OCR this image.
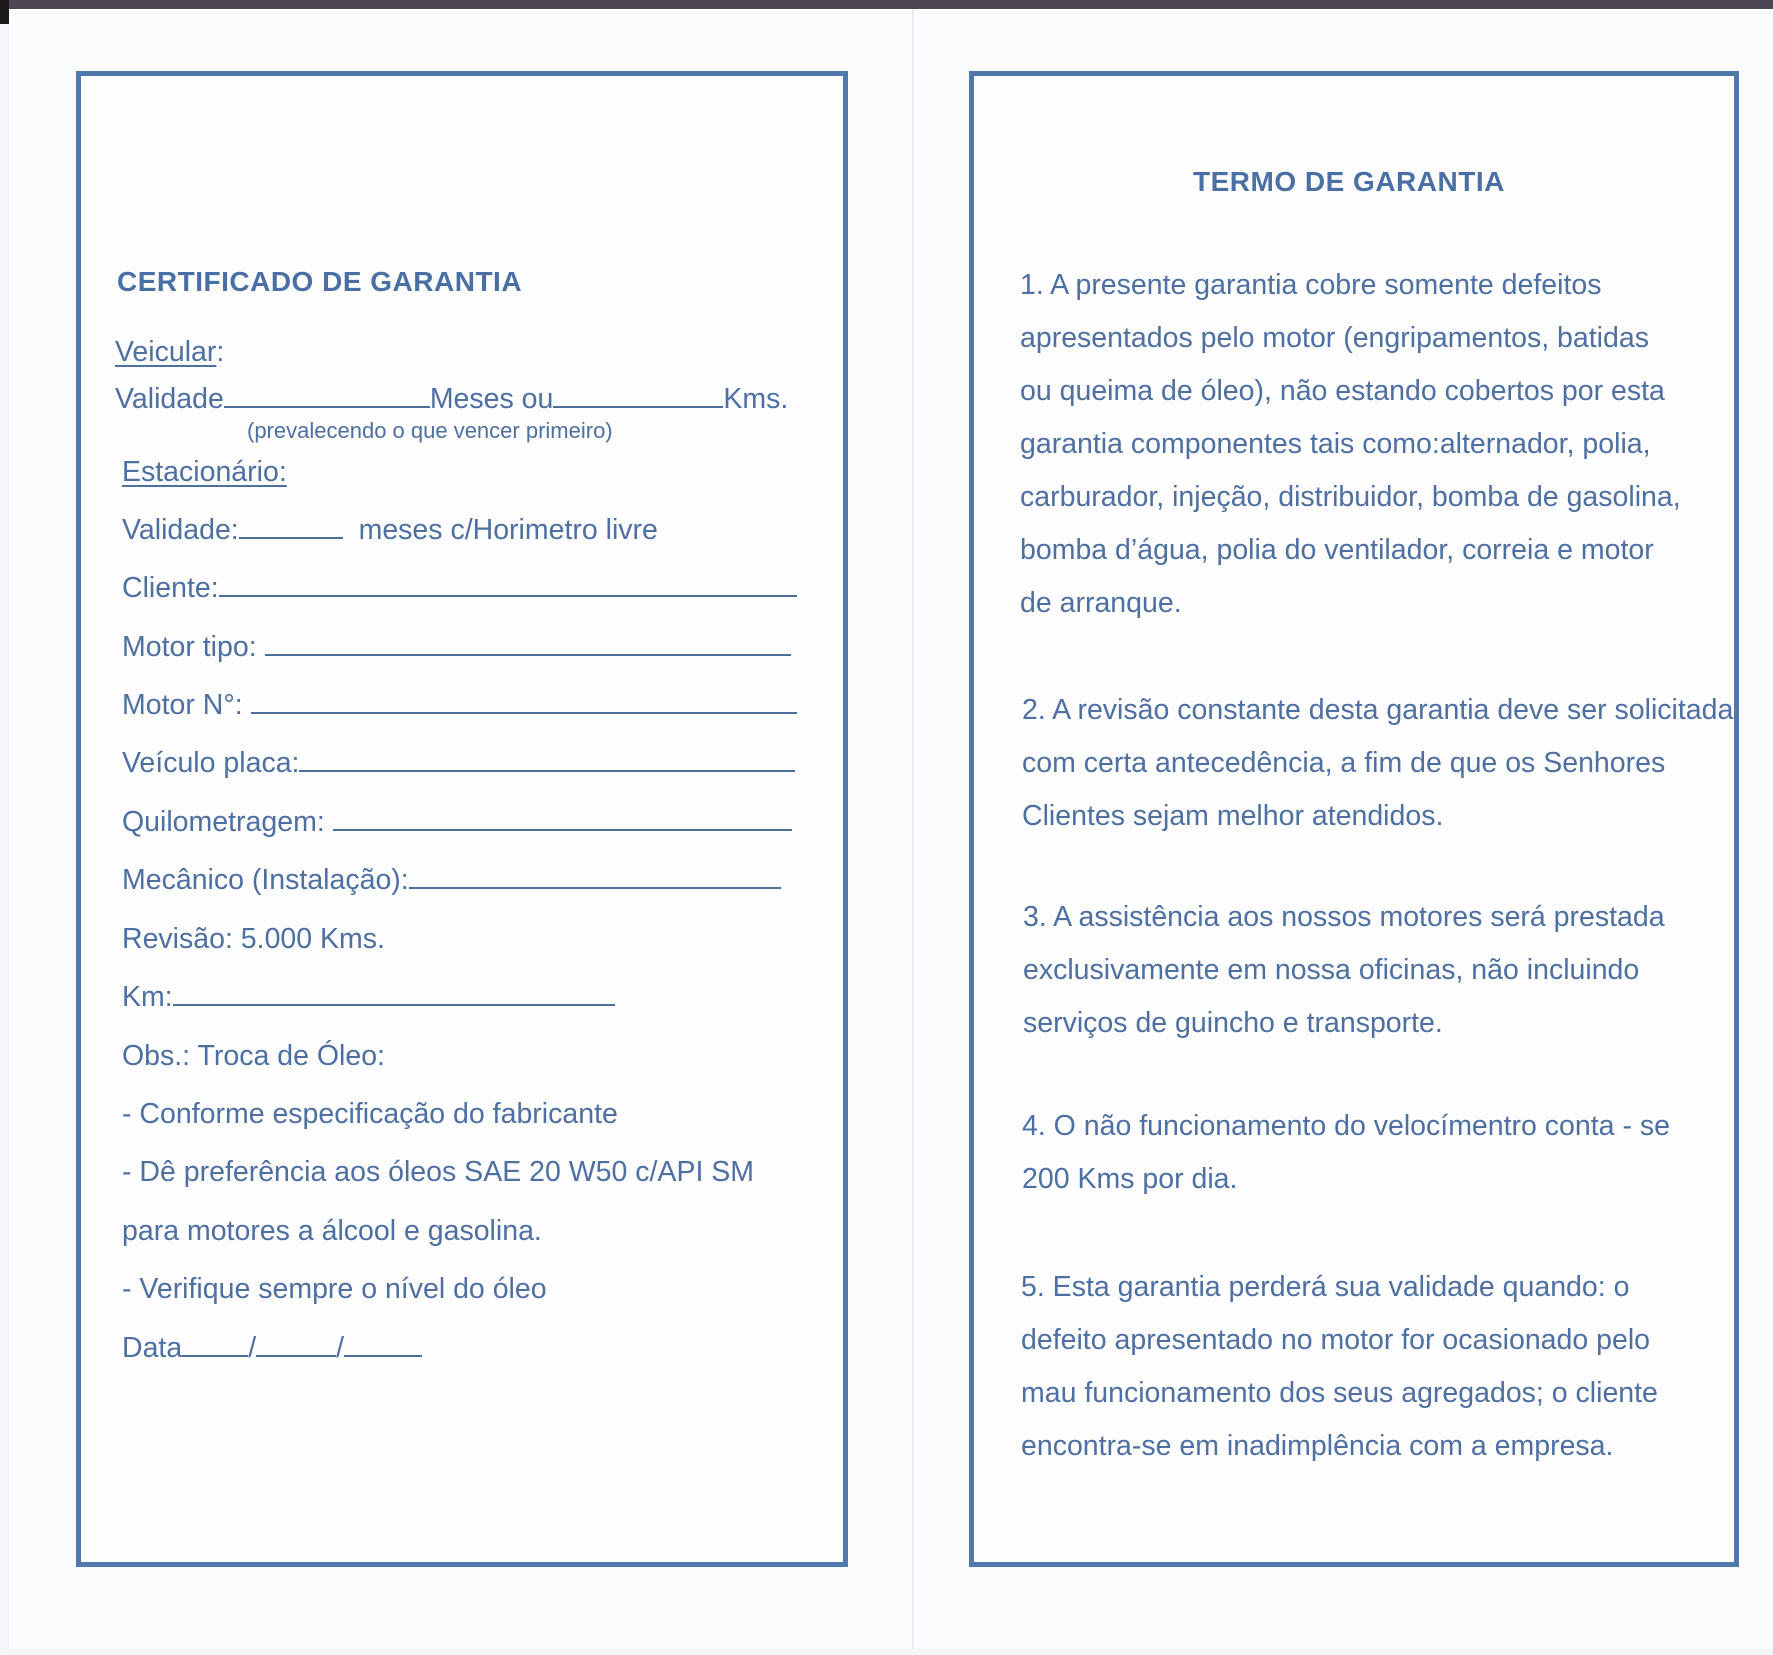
CERTIFICADO DE GARANTIA
Veicular:
Validade	Meses ou	Kms.
(prevalecendo o que vencer primeiro)
Estacionário:
Validade:	meses c/Horimetro livre
Cliente:
Motor tipo:
Motor N°:
Veículo placa:
Quilometragem:
Mecânico (Instalação):
Revisão: 5.000 Kms.
Km:
Obs.: Troca de Óleo:
- Conforme especificação do fabricante
- Dê preferência aos óleos SAE 20 W50 c/API SM
para motores a álcool e gasolina.
- Verifique sempre o nível do óleo
Data /	/
TERMO DE GARANTIA
1. A presente garantia cobre somente defeitos
apresentados pelo motor (engripamentos, batidas
ou queima de óleo), não estando cobertos por esta
garantia componentes tais como:alternador, polia,
carburador, injeção, distribuidor, bomba de gasolina,
bomba d’água, polia do ventilador, correia e motor
de arranque.
2. A revisão constante desta garantia deve ser solicitada
com certa antecedência, a fim de que os Senhores
Clientes sejam melhor atendidos.
3. A assistência aos nossos motores será prestada
exclusivamente em nossa oficinas, não incluindo
serviços de guincho e transporte.
4. O não funcionamento do velocímentro conta - se
200 Kms por dia.
5. Esta garantia perderá sua validade quando: o
defeito apresentado no motor for ocasionado pelo
mau funcionamento dos seus agregados; o cliente
encontra-se em inadimplência com a empresa.
